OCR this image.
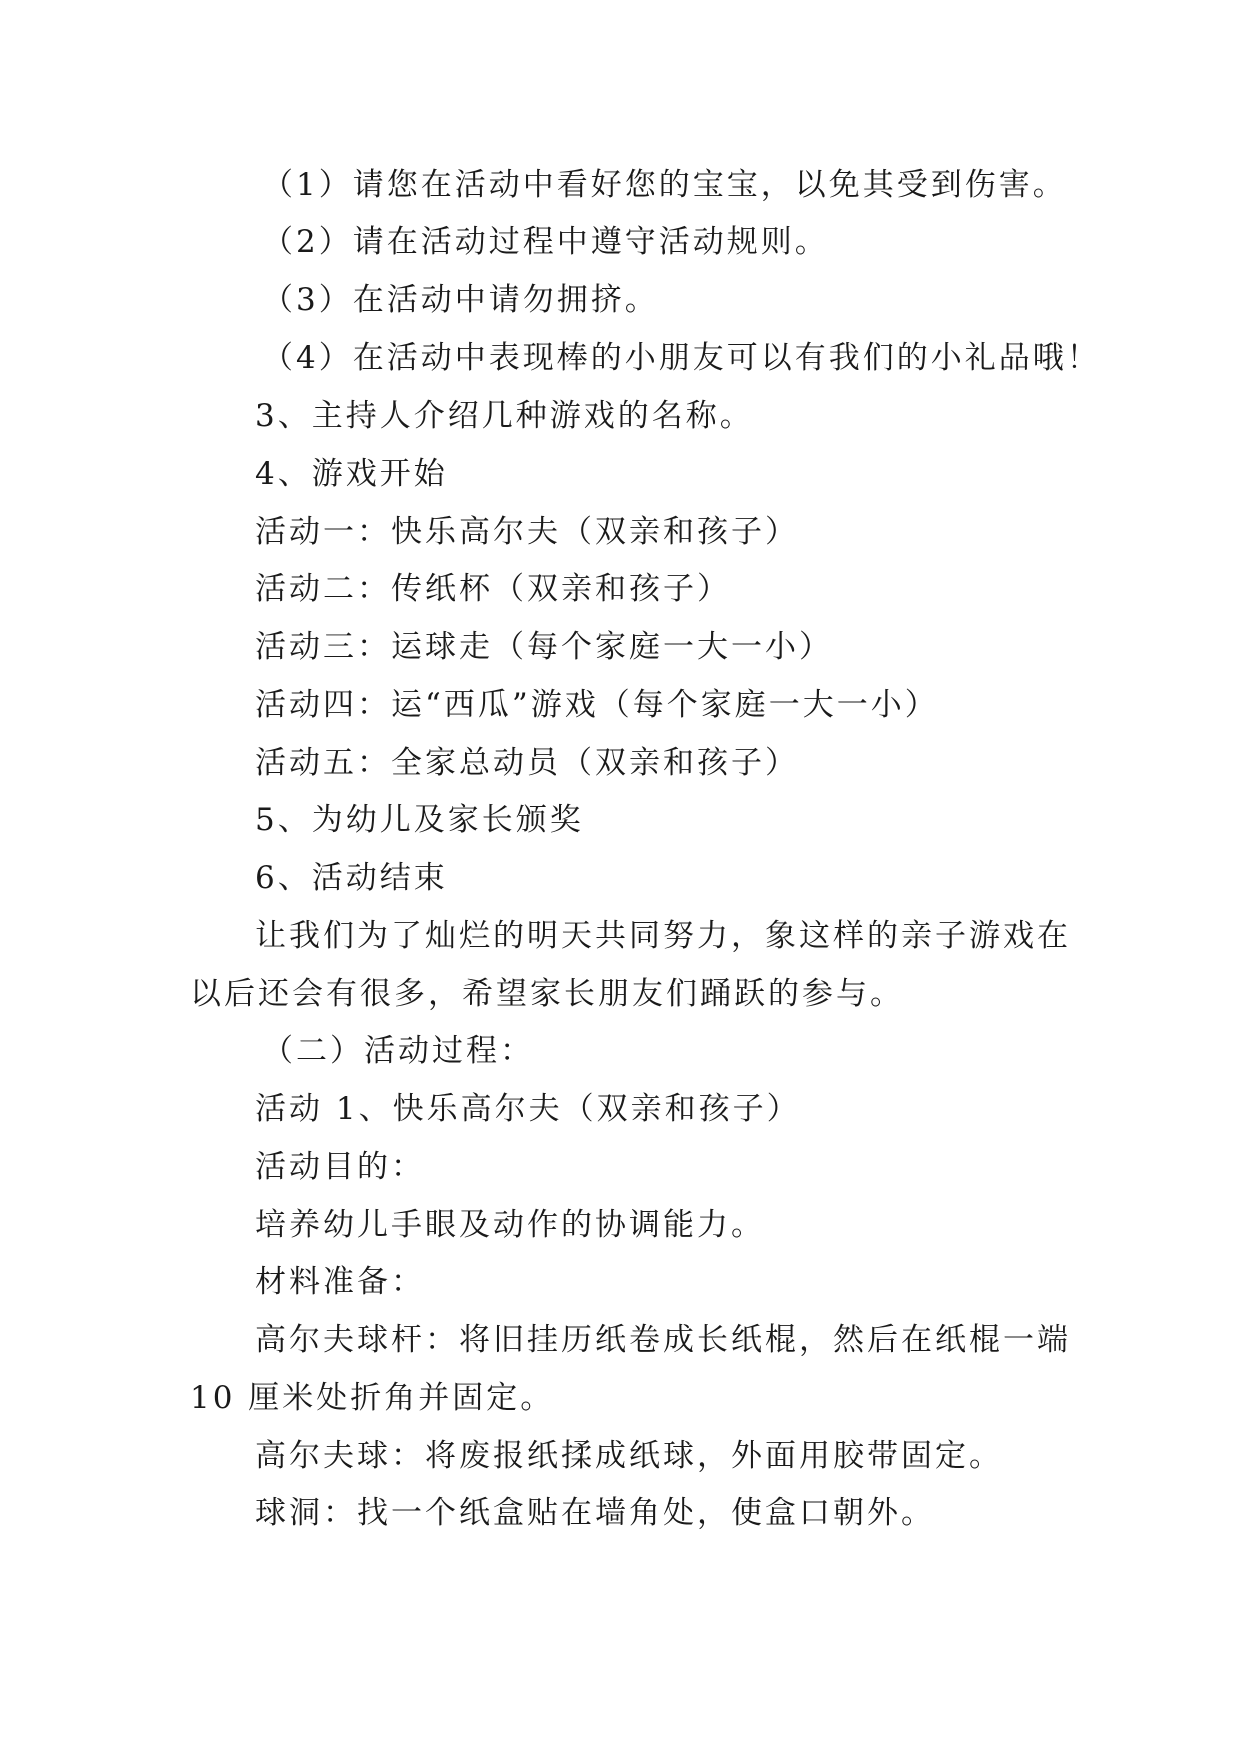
（1）请您在活动中看好您的宝宝，以免其受到伤害。
（2）请在活动过程中遵守活动规则。
（3）在活动中请勿拥挤。
（4）在活动中表现棒的小朋友可以有我们的小礼品哦！
3、主持人介绍几种游戏的名称。
4、游戏开始
活动一：快乐高尔夫（双亲和孩子）
活动二：传纸杯（双亲和孩子）
活动三：运球走（每个家庭一大一小）
活动四：运“西瓜”游戏（每个家庭一大一小）
活动五：全家总动员（双亲和孩子）
5、为幼儿及家长颁奖
6、活动结束
让我们为了灿烂的明天共同努力，象这样的亲子游戏在
以后还会有很多，希望家长朋友们踊跃的参与。
（二）活动过程：
活动 1、快乐高尔夫（双亲和孩子）
活动目的：
培养幼儿手眼及动作的协调能力。
材料准备：
高尔夫球杆：将旧挂历纸卷成长纸棍，然后在纸棍一端
10 厘米处折角并固定。
高尔夫球：将废报纸揉成纸球，外面用胶带固定。
球洞：找一个纸盒贴在墙角处，使盒口朝外。
